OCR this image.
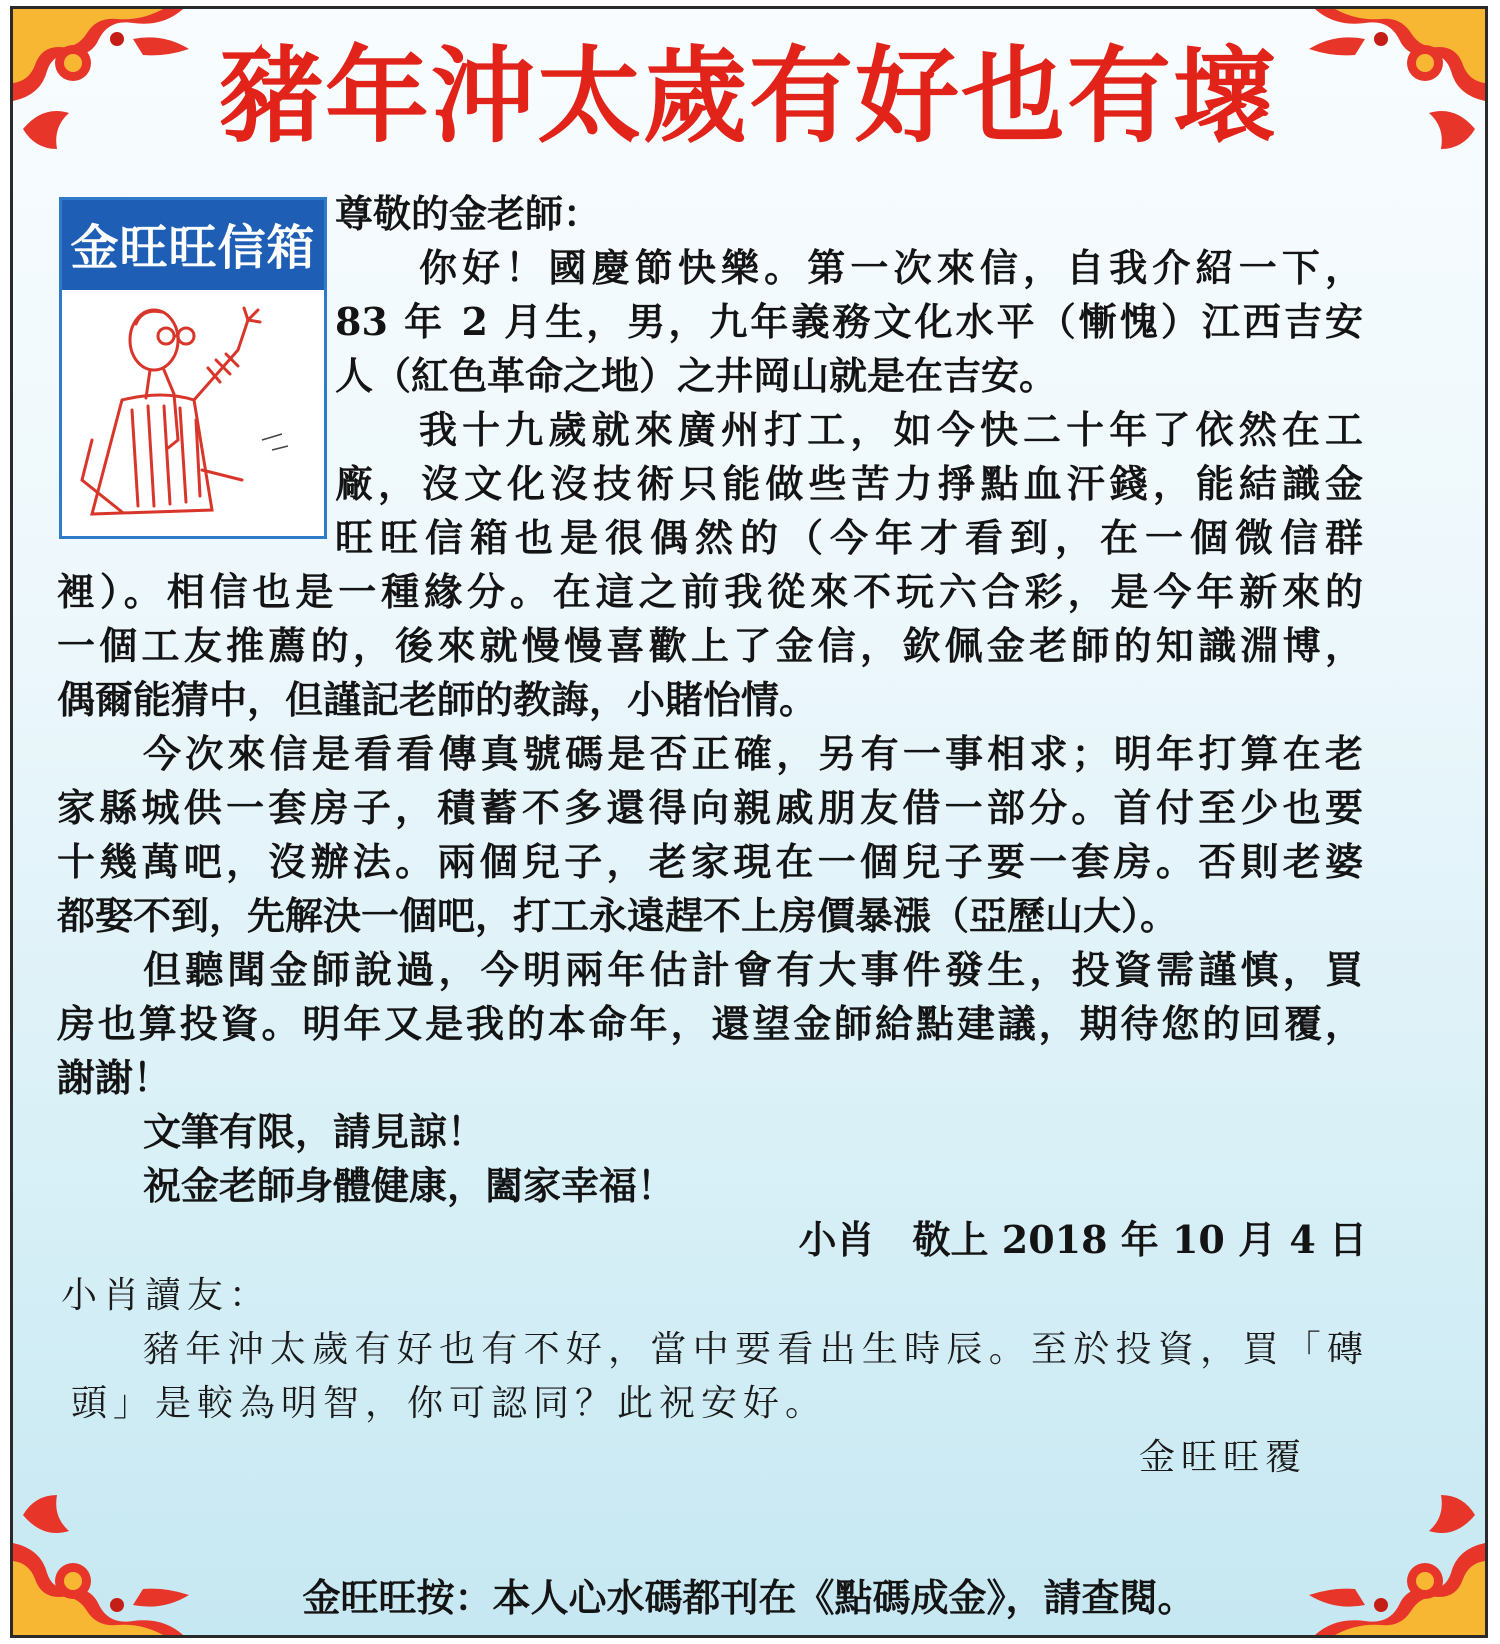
豬年沖太歲有好也有壞
金旺旺信箱

尊敬的金老師：

你好！國慶節快樂。第一次來信，自我介紹一下，

83 年 2 月生，男，九年義務文化水平（慚愧）江西吉安

人（紅色革命之地）之井岡山就是在吉安。

我十九歲就來廣州打工，如今快二十年了依然在工

廠，沒文化沒技術只能做些苦力掙點血汗錢，能結識金

旺旺信箱也是很偶然的（今年才看到，在一個微信群

裡）。相信也是一種緣分。在這之前我從來不玩六合彩，是今年新來的

一個工友推薦的，後來就慢慢喜歡上了金信，欽佩金老師的知識淵博，

偶爾能猜中，但謹記老師的教誨，小賭怡情。

今次來信是看看傳真號碼是否正確，另有一事相求；明年打算在老

家縣城供一套房子，積蓄不多還得向親戚朋友借一部分。首付至少也要

十幾萬吧，沒辦法。兩個兒子，老家現在一個兒子要一套房。否則老婆

都娶不到，先解決一個吧，打工永遠趕不上房價暴漲（亞歷山大）。

但聽聞金師說過，今明兩年估計會有大事件發生，投資需謹慎，買

房也算投資。明年又是我的本命年，還望金師給點建議，期待您的回覆，

謝謝！

文筆有限，請見諒！

祝金老師身體健康，闔家幸福！

小肖　敬上 2018 年 10 月 4 日

小肖讀友：

豬年沖太歲有好也有不好，當中要看出生時辰。至於投資，買「磚

頭」是較為明智，你可認同？此祝安好。

金旺旺覆

金旺旺按：本人心水碼都刊在《點碼成金》，請查閱。
